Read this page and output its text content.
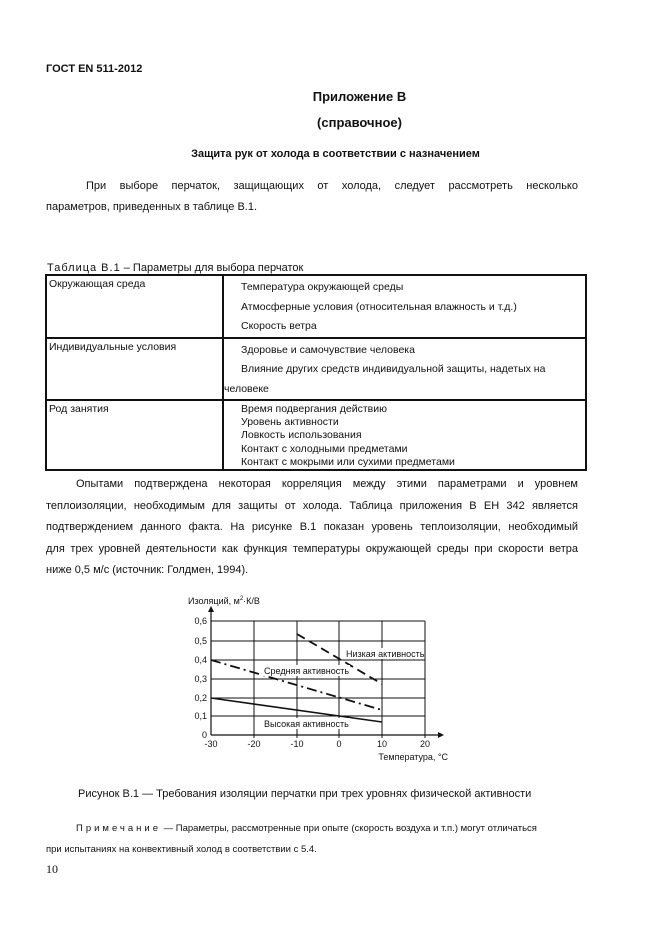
ГОСТ EN 511-2012
Приложение В
(справочное)
Защита рук от холода в соответствии с назначением
При выборе перчаток, защищающих от холода, следует рассмотреть несколько
параметров, приведенных в таблице В.1.
Таблица В.1 – Параметры для выбора перчаток
Окружающая среда	Температура окружающей среды
Атмосферные условия (относительная влажность и т.д.)
Скорость ветра

Индивидуальные условия	Здоровье и самочувствие человека
Влияние других средств индивидуальной защиты, надетых на человеке

Род занятия	Время подвергания действию
Уровень активности
Ловкость использования
Контакт с холодными предметами
Контакт с мокрыми или сухими предметами
Опытами подтверждена некоторая корреляция между этими параметрами и уровнем
теплоизоляции, необходимым для защиты от холода. Таблица приложения В ЕН 342 является
подтверждением данного факта. На рисунке В.1 показан уровень теплоизоляции, необходимый
для трех уровней деятельности как функция температуры окружающей среды при скорости ветра
ниже 0,5 м/с (источник: Голдмен, 1994).
Изоляций, $м^2\cdot К/В$
0
0,1
0,2
0,3
0,4
0,5
0,6
-30	-20	-10	0	10	20
Температура, °С
Низкая активность
Средняя активность
Высокая активность
Рисунок В.1 — Требования изоляции перчатки при трех уровнях физической активности
Примечание — Параметры, рассмотренные при опыте (скорость воздуха и т.п.) могут отличаться
при испытаниях на конвективный холод в соответствии с 5.4.
10
